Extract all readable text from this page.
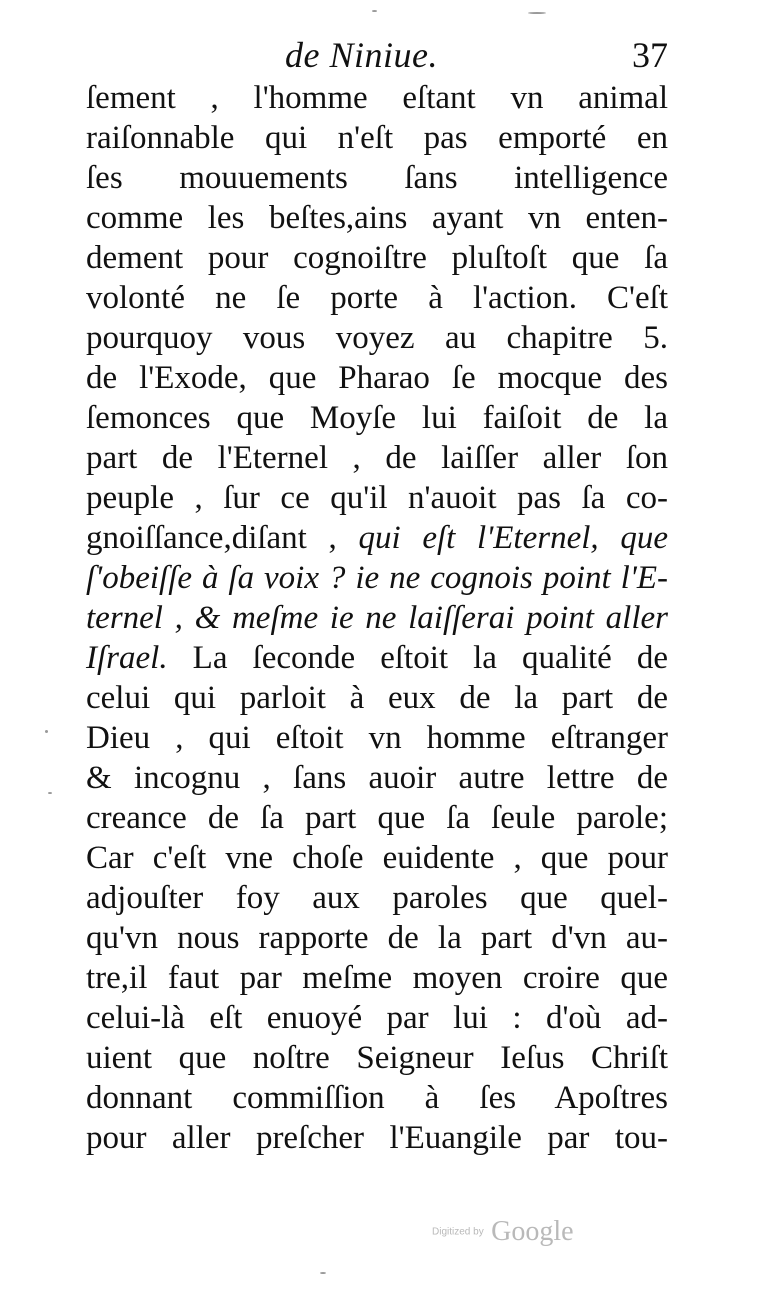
de Niniue.	37
ſement , l'homme eſtant vn animal
raiſonnable qui n'eſt pas emporté en
ſes mouuements ſans intelligence
comme les beſtes,ains ayant vn enten-
dement pour cognoiſtre pluſtoſt que ſa
volonté ne ſe porte à l'action. C'eſt
pourquoy vous voyez au chapitre 5.
de l'Exode, que Pharao ſe mocque des
ſemonces que Moyſe lui faiſoit de la
part de l'Eternel , de laiſſer aller ſon
peuple , ſur ce qu'il n'auoit pas ſa co-
gnoiſſance,diſant , qui eſt l'Eternel, que
ſ'obeiſſe à ſa voix ? ie ne cognois point l'E-
ternel , & meſme ie ne laiſſerai point aller
Iſrael. La ſeconde eſtoit la qualité de
celui qui parloit à eux de la part de
Dieu , qui eſtoit vn homme eſtranger
& incognu , ſans auoir autre lettre de
creance de ſa part que ſa ſeule parole;
Car c'eſt vne choſe euidente , que pour
adjouſter foy aux paroles que quel-
qu'vn nous rapporte de la part d'vn au-
tre,il faut par meſme moyen croire que
celui-là eſt enuoyé par lui : d'où ad-
uient que noſtre Seigneur Ieſus Chriſt
donnant commiſſion à ſes Apoſtres
pour aller preſcher l'Euangile par tou-
Digitized by Google
